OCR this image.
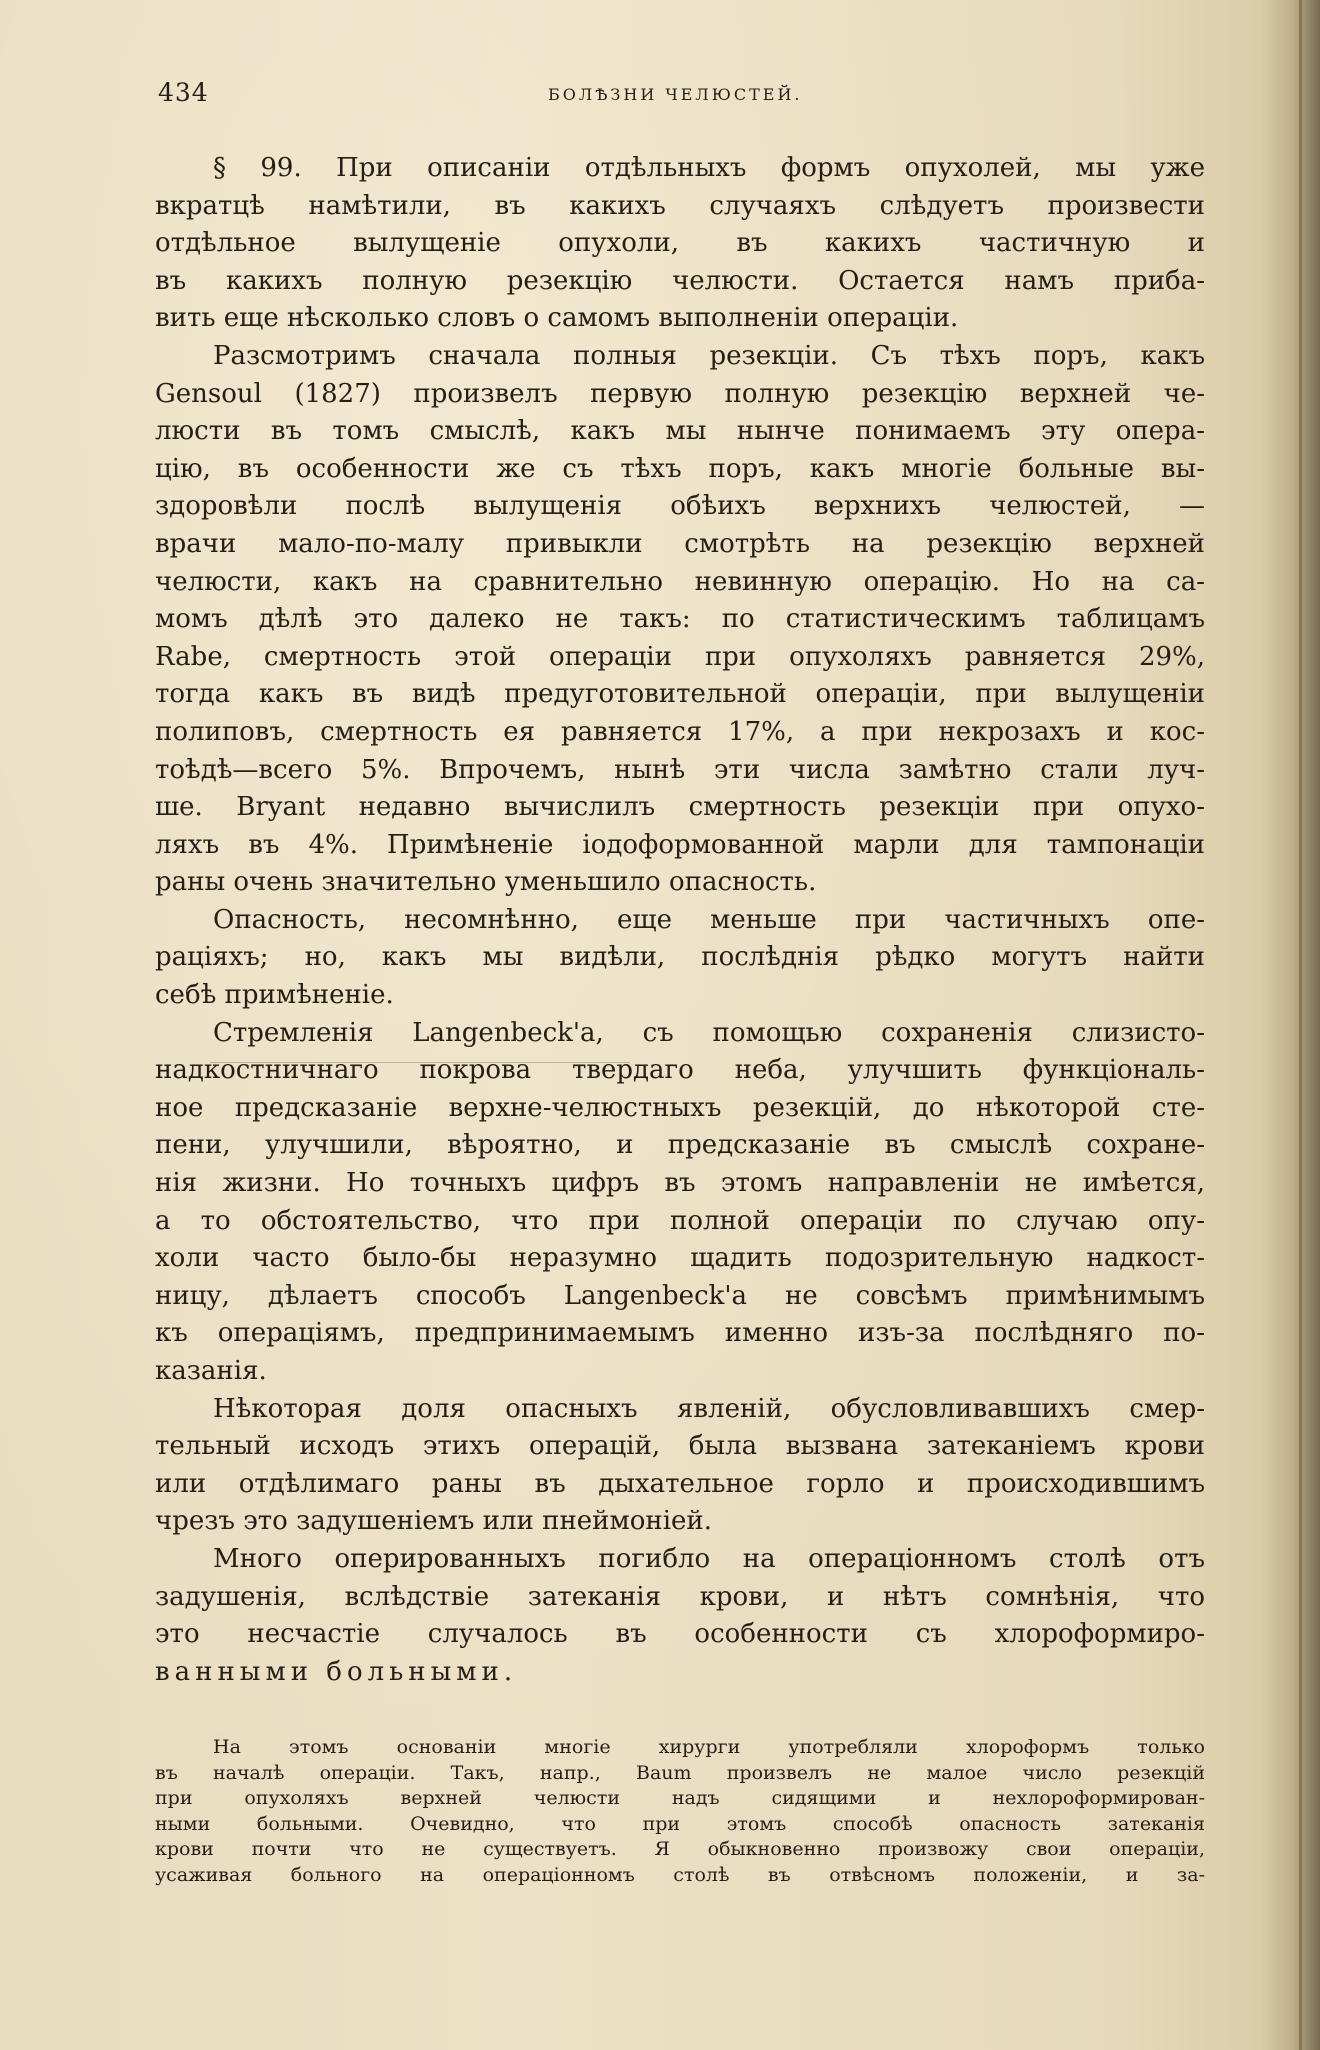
434	БОЛѢЗНИ ЧЕЛЮСТЕЙ.
§ 99. При описаніи отдѣльныхъ формъ опухолей, мы уже
вкратцѣ намѣтили, въ какихъ случаяхъ слѣдуетъ произвести
отдѣльное вылущеніе опухоли, въ какихъ частичную и
въ какихъ полную резекцію челюсти. Остается намъ приба-
вить еще нѣсколько словъ о самомъ выполненіи операціи.
Разсмотримъ сначала полныя резекціи. Съ тѣхъ поръ, какъ
Gensoul (1827) произвелъ первую полную резекцію верхней че-
люсти въ томъ смыслѣ, какъ мы нынче понимаемъ эту опера-
цію, въ особенности же съ тѣхъ поръ, какъ многіе больные вы-
здоровѣли послѣ вылущенія обѣихъ верхнихъ челюстей, —
врачи мало-по-малу привыкли смотрѣть на резекцію верхней
челюсти, какъ на сравнительно невинную операцію. Но на са-
момъ дѣлѣ это далеко не такъ: по статистическимъ таблицамъ
Rabe, смертность этой операціи при опухоляхъ равняется 29%,
тогда какъ въ видѣ предуготовительной операціи, при вылущеніи
полиповъ, смертность ея равняется 17%, а при некрозахъ и кос-
тоѣдѣ—всего 5%. Впрочемъ, нынѣ эти числа замѣтно стали луч-
ше. Bryant недавно вычислилъ смертность резекціи при опухо-
ляхъ въ 4%. Примѣненіе іодоформованной марли для тампонаціи
раны очень значительно уменьшило опасность.
Опасность, несомнѣнно, еще меньше при частичныхъ опе-
раціяхъ; но, какъ мы видѣли, послѣднія рѣдко могутъ найти
себѣ примѣненіе.
Стремленія Langenbeck'а, съ помощью сохраненія слизисто-
надкостничнаго покрова твердаго неба, улучшить функціональ-
ное предсказаніе верхне-челюстныхъ резекцій, до нѣкоторой сте-
пени, улучшили, вѣроятно, и предсказаніе въ смыслѣ сохране-
нія жизни. Но точныхъ цифръ въ этомъ направленіи не имѣется,
а то обстоятельство, что при полной операціи по случаю опу-
холи часто было-бы неразумно щадить подозрительную надкост-
ницу, дѣлаетъ способъ Langenbeck'а не совсѣмъ примѣнимымъ
къ операціямъ, предпринимаемымъ именно изъ-за послѣдняго по-
казанія.
Нѣкоторая доля опасныхъ явленій, обусловливавшихъ смер-
тельный исходъ этихъ операцій, была вызвана затеканіемъ крови
или отдѣлимаго раны въ дыхательное горло и происходившимъ
чрезъ это задушеніемъ или пнеймоніей.
Много оперированныхъ погибло на операціонномъ столѣ отъ
задушенія, вслѣдствіе затеканія крови, и нѣтъ сомнѣнія, что
это несчастіе случалось въ особенности съ хлороформиро-
ванными больными.
На этомъ основаніи многіе хирурги употребляли хлороформъ только
въ началѣ операціи. Такъ, напр., Baum произвелъ не малое число резекцій
при опухоляхъ верхней челюсти надъ сидящими и нехлороформирован-
ными больными. Очевидно, что при этомъ способѣ опасность затеканія
крови почти что не существуетъ. Я обыкновенно произвожу свои операціи,
усаживая больного на операціонномъ столѣ въ отвѣсномъ положеніи, и за-
